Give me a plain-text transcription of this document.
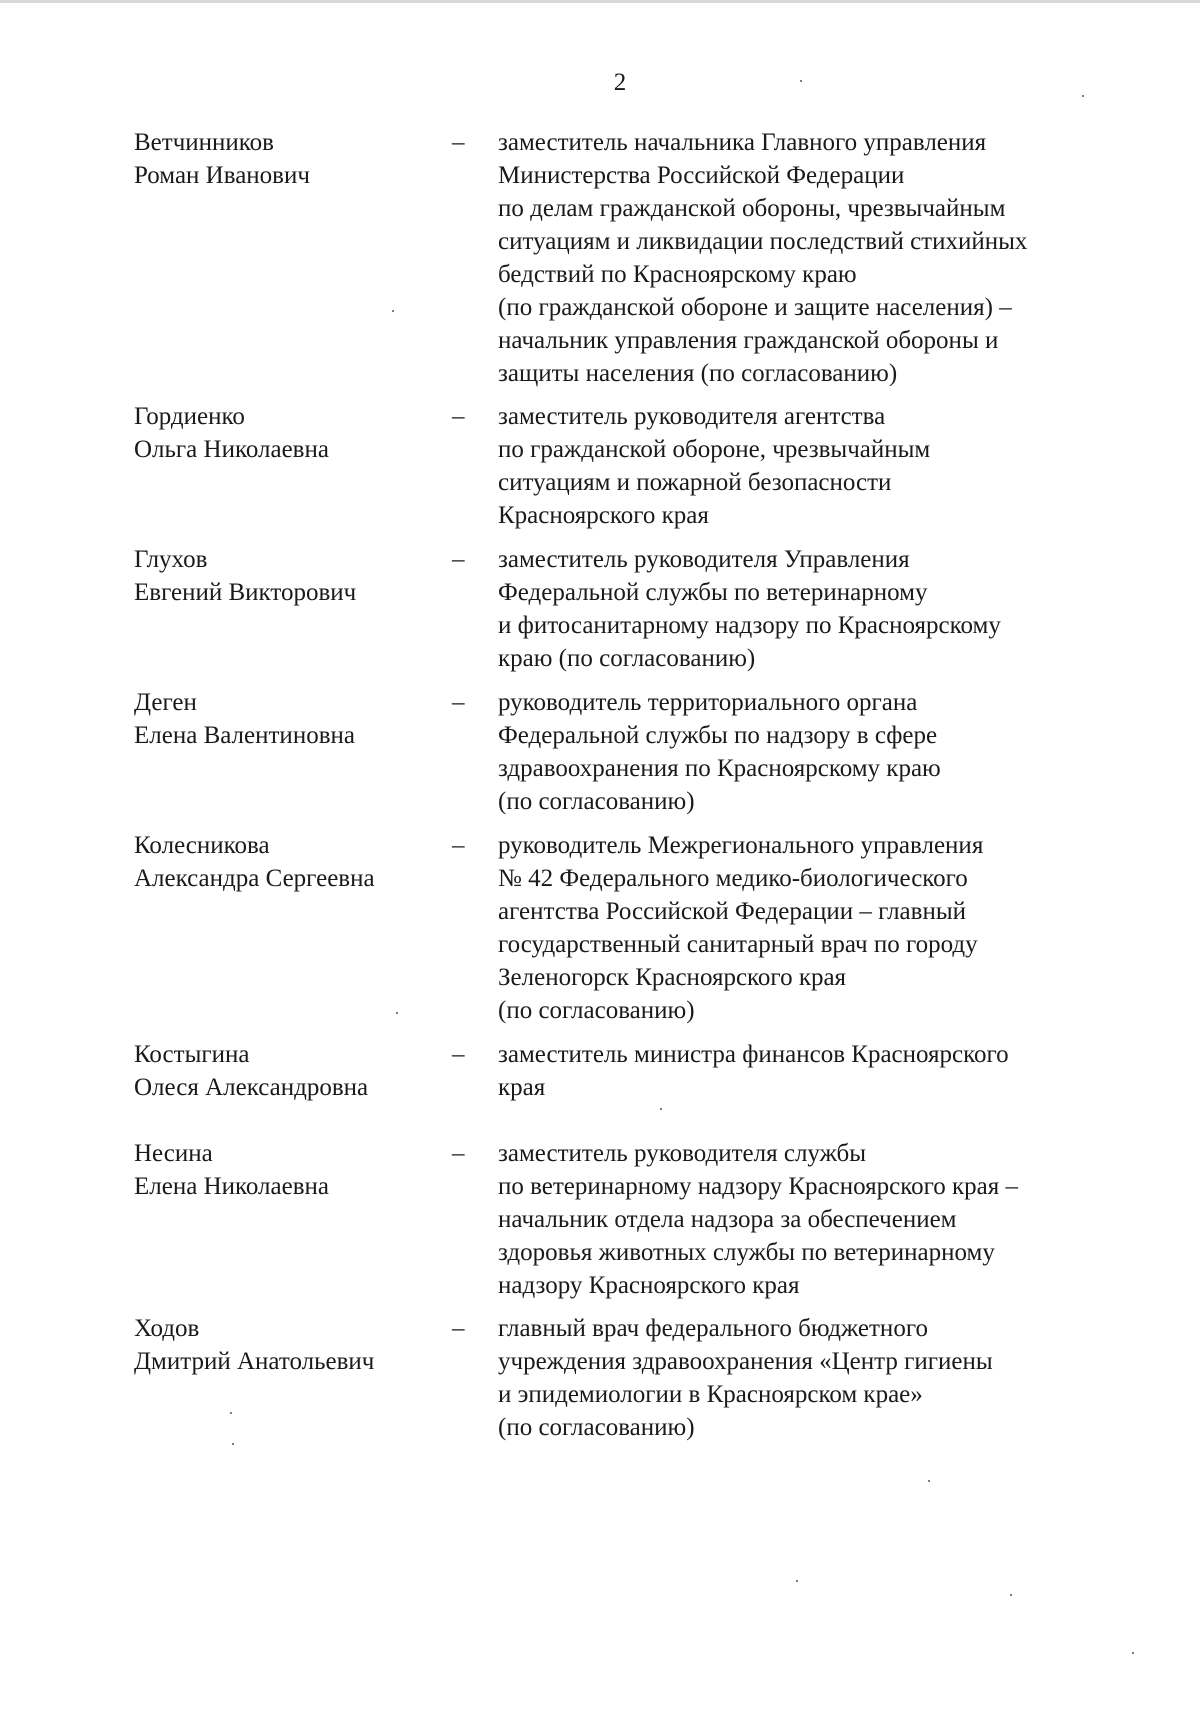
2
Ветчинников
Роман Иванович
– заместитель начальника Главного управления
Министерства Российской Федерации
по делам гражданской обороны, чрезвычайным
ситуациям и ликвидации последствий стихийных
бедствий по Красноярскому краю
(по гражданской обороне и защите населения) –
начальник управления гражданской обороны и
защиты населения (по согласованию)
Гордиенко
Ольга Николаевна
– заместитель руководителя агентства
по гражданской обороне, чрезвычайным
ситуациям и пожарной безопасности
Красноярского края
Глухов
Евгений Викторович
– заместитель руководителя Управления
Федеральной службы по ветеринарному
и фитосанитарному надзору по Красноярскому
краю (по согласованию)
Деген
Елена Валентиновна
– руководитель территориального органа
Федеральной службы по надзору в сфере
здравоохранения по Красноярскому краю
(по согласованию)
Колесникова
Александра Сергеевна
– руководитель Межрегионального управления
№ 42 Федерального медико-биологического
агентства Российской Федерации – главный
государственный санитарный врач по городу
Зеленогорск Красноярского края
(по согласованию)
Костыгина
Олеся Александровна
– заместитель министра финансов Красноярского
края
Несина
Елена Николаевна
– заместитель руководителя службы
по ветеринарному надзору Красноярского края –
начальник отдела надзора за обеспечением
здоровья животных службы по ветеринарному
надзору Красноярского края
Ходов
Дмитрий Анатольевич
– главный врач федерального бюджетного
учреждения здравоохранения «Центр гигиены
и эпидемиологии в Красноярском крае»
(по согласованию)
